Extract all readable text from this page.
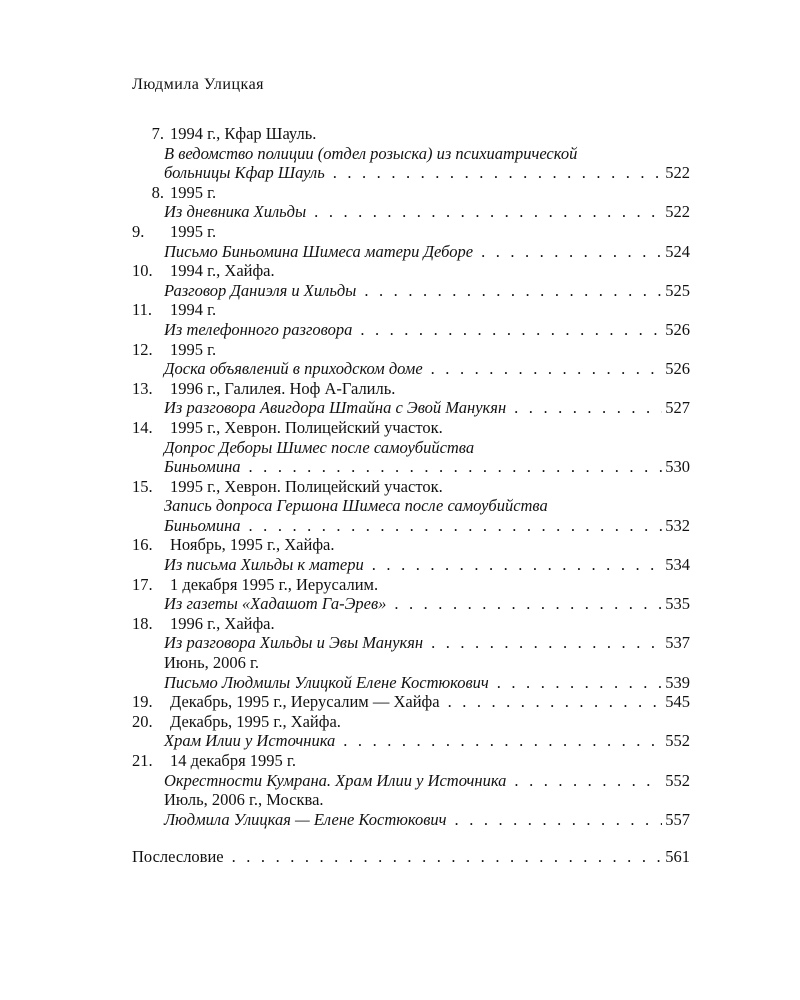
Людмила Улицкая
7. 1994 г., Кфар Шауль.
В ведомство полиции (отдел розыска) из психиатрической
больницы Кфар Шауль . . .	522
8. 1995 г.
Из дневника Хильды . . .	522
9.	1995 г.
Письмо Биньомина Шимеса матери Деборе . . .	524
10.	1994 г., Хайфа.
Разговор Даниэля и Хильды . . .	525
11.	1994 г.
Из телефонного разговора . . .	526
12.	1995 г.
Доска объявлений в приходском доме . . .	526
13.	1996 г., Галилея. Ноф А-Галиль.
Из разговора Авигдора Штайна с Эвой Манукян . . .	527
14.	1995 г., Хеврон. Полицейский участок.
Допрос Деборы Шимес после самоубийства
Биньомина . . .	530
15.	1995 г., Хеврон. Полицейский участок.
Запись допроса Гершона Шимеса после самоубийства
Биньомина . . .	532
16.	Ноябрь, 1995 г., Хайфа.
Из письма Хильды к матери . . .	534
17.	1 декабря 1995 г., Иерусалим.
Из газеты «Хадашот Га-Эрев» . . .	535
18.	1996 г., Хайфа.
Из разговора Хильды и Эвы Манукян . . .	537
Июнь, 2006 г.
Письмо Людмилы Улицкой Елене Костюкович . . .	539
19.	Декабрь, 1995 г., Иерусалим — Хайфа . . .	545
20.	Декабрь, 1995 г., Хайфа.
Храм Илии у Источника . . .	552
21.	14 декабря 1995 г.
Окрестности Кумрана. Храм Илии у Источника . . .	552
Июль, 2006 г., Москва.
Людмила Улицкая — Елене Костюкович . . .	557
Послесловие . . .	561
